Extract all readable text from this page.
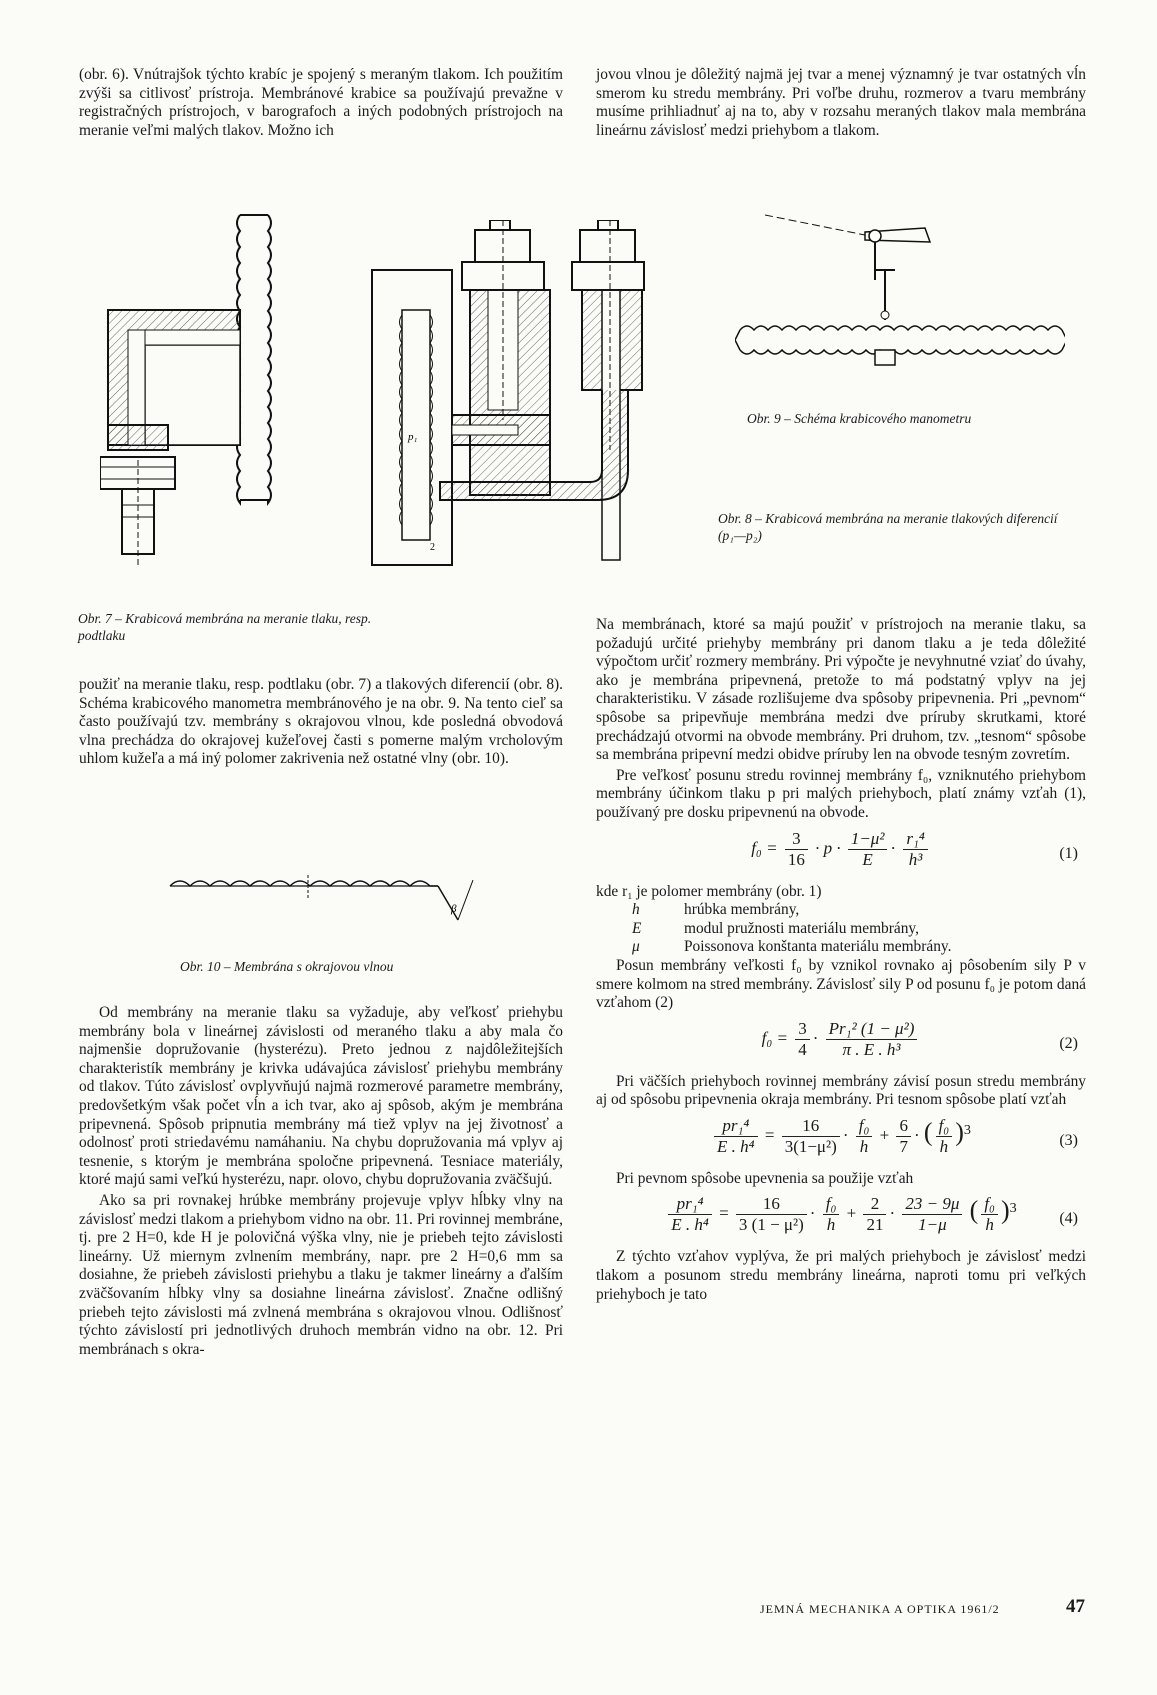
(obr. 6). Vnútrajšok týchto krabíc je spojený s meraným tlakom. Ich použitím zvýši sa citlivosť prístroja. Membránové krabice sa používajú prevažne v registračných prístrojoch, v barografoch a iných podobných prístrojoch na meranie veľmi malých tlakov. Možno ich

jovou vlnou je dôležitý najmä jej tvar a menej významný je tvar ostatných vĺn smerom ku stredu membrány. Pri voľbe druhu, rozmerov a tvaru membrány musíme prihliadnuť aj na to, aby v rozsahu meraných tlakov mala membrána lineárnu závislosť medzi priehybom a tlakom.

Obr. 7 – Krabicová membrána na meranie tlaku, resp. podtlaku
p₁
2
Obr. 8 – Krabicová membrána na meranie tlakových diferencií (p₁—p₂)
Obr. 9 – Schéma krabicového manometru

použiť na meranie tlaku, resp. podtlaku (obr. 7) a tlakových diferencií (obr. 8). Schéma krabicového manometra membránového je na obr. 9. Na tento cieľ sa často používajú tzv. membrány s okrajovou vlnou, kde posledná obvodová vlna prechádza do okrajovej kužeľovej časti s pomerne malým vrcholovým uhlom kužeľa a má iný polomer zakrivenia než ostatné vlny (obr. 10).

β
Obr. 10 – Membrána s okrajovou vlnou

Od membrány na meranie tlaku sa vyžaduje, aby veľkosť priehybu membrány bola v lineárnej závislosti od meraného tlaku a aby mala čo najmenšie dopružovanie (hysterézu). Preto jednou z najdôležitejších charakteristík membrány je krivka udávajúca závislosť priehybu membrány od tlakov. Túto závislosť ovplyvňujú najmä rozmerové parametre membrány, predovšetkým však počet vĺn a ich tvar, ako aj spôsob, akým je membrána pripevnená. Spôsob pripnutia membrány má tiež vplyv na jej životnosť a odolnosť proti striedavému namáhaniu. Na chybu dopružovania má vplyv aj tesnenie, s ktorým je membrána spoločne pripevnená. Tesniace materiály, ktoré majú sami veľkú hysterézu, napr. olovo, chybu dopružovania zväčšujú.

Ako sa pri rovnakej hrúbke membrány projevuje vplyv hĺbky vlny na závislosť medzi tlakom a priehybom vidno na obr. 11. Pri rovinnej membráne, tj. pre 2 H=0, kde H je polovičná výška vlny, nie je priebeh tejto závislosti lineárny. Už miernym zvlnením membrány, napr. pre 2 H=0,6 mm sa dosiahne, že priebeh závislosti priehybu a tlaku je takmer lineárny a ďalším zväčšovaním hĺbky vlny sa dosiahne lineárna závislosť. Značne odlišný priebeh tejto závislosti má zvlnená membrána s okrajovou vlnou. Odlišnosť týchto závislostí pri jednotlivých druhoch membrán vidno na obr. 12. Pri membránach s okra-

Na membránach, ktoré sa majú použiť v prístrojoch na meranie tlaku, sa požadujú určité priehyby membrány pri danom tlaku a je teda dôležité výpočtom určiť rozmery membrány. Pri výpočte je nevyhnutné vziať do úvahy, ako je membrána pripevnená, pretože to má podstatný vplyv na jej charakteristiku. V zásade rozlišujeme dva spôsoby pripevnenia. Pri „pevnom“ spôsobe sa pripevňuje membrána medzi dve príruby skrutkami, ktoré prechádzajú otvormi na obvode membrány. Pri druhom, tzv. „tesnom“ spôsobe sa membrána pripevní medzi obidve príruby len na obvode tesným zovretím.

Pre veľkosť posunu stredu rovinnej membrány f₀, vzniknutého priehybom membrány účinkom tlaku p pri malých priehyboch, platí známy vzťah (1), používaný pre dosku pripevnenú na obvode.

$f_0 = \frac{3}{16} \cdot p \cdot \frac{\text{1−μ²}}{E} \cdot \frac{\text{r₁⁴}}{\text{h³}}$	(1)

kde r₁ je polomer membrány (obr. 1)

h	hrúbka membrány,
E	modul pružnosti materiálu membrány,
μ	Poissonova konštanta materiálu membrány.

Posun membrány veľkosti f₀ by vznikol rovnako aj pôsobením sily P v smere kolmom na stred membrány. Závislosť sily P od posunu f₀ je potom daná vzťahom (2)

$f_0 = \frac{3}{4} \cdot \frac{\text{Pr₁² (1 − μ²)}}{\text{π . E . h³}}$	(2)

Pri väčších priehyboch rovinnej membrány závisí posun stredu membrány aj od spôsobu pripevnenia okraja membrány. Pri tesnom spôsobe platí vzťah

$\frac{\text{pr₁⁴}}{\text{E . h⁴}} = \frac{16}{\text{3(1−μ²)}} \cdot \frac{\text{f₀}}{h} + \frac{6}{7}$ · ( $\frac{\text{f₀}}{h} )^3$
(3)

Pri pevnom spôsobe upevnenia sa použije vzťah

$\frac{\text{pr₁⁴}}{\text{E . h⁴}} = \frac{16}{\text{3 (1 − μ²)}} \cdot \frac{\text{f₀}}{h} + \frac{2}{21} \cdot \frac{23 - 9\mu}{1-\mu}$ ( $\frac{\text{f₀}}{h} )^3$
(4)

Z týchto vzťahov vyplýva, že pri malých priehyboch je závislosť medzi tlakom a posunom stredu membrány lineárna, naproti tomu pri veľkých priehyboch je tato

JEMNÁ MECHANIKA A OPTIKA 1961/2	47
